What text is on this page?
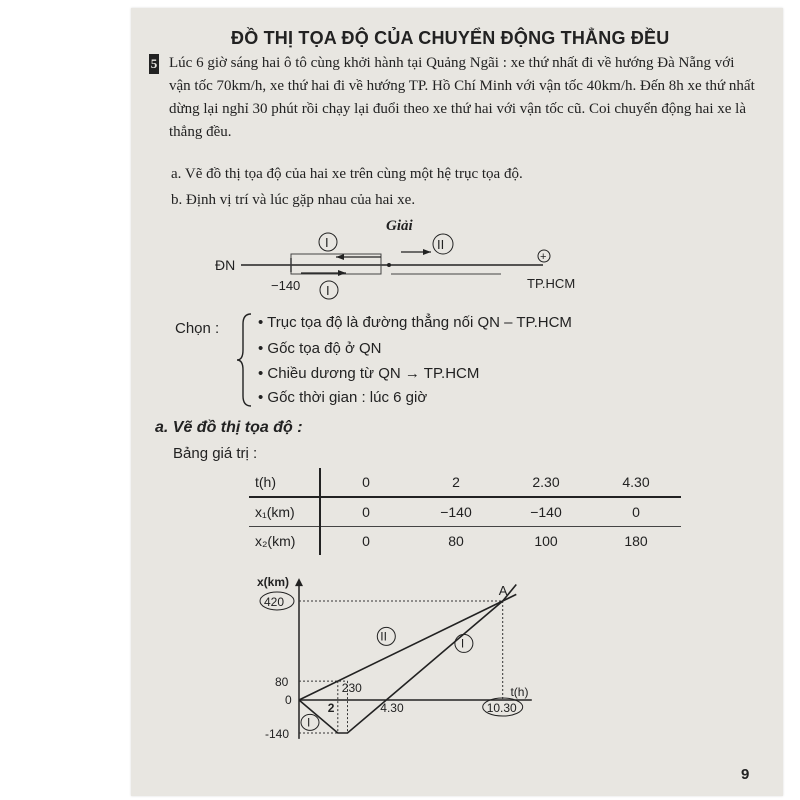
ĐỒ THỊ TỌA ĐỘ CỦA CHUYỂN ĐỘNG THẲNG ĐỀU
5 Lúc 6 giờ sáng hai ô tô cùng khởi hành tại Quảng Ngãi : xe thứ nhất đi về hướng Đà Nẵng với vận tốc 70km/h, xe thứ hai đi về hướng TP. Hồ Chí Minh với vận tốc 40km/h. Đến 8h xe thứ nhất dừng lại nghỉ 30 phút rồi chạy lại đuổi theo xe thứ hai với vận tốc cũ. Coi chuyển động hai xe là thẳng đều.
a. Vẽ đồ thị tọa độ của hai xe trên cùng một hệ trục tọa độ.
b. Định vị trí và lúc gặp nhau của hai xe.
Giải
ĐN
I	II
I
+
−140	TP.HCM
Chọn :	• Trục tọa độ là đường thẳng nối QN – TP.HCM
• Gốc tọa độ ở QN
• Chiều dương từ QN → TP.HCM
• Gốc thời gian : lúc 6 giờ
a. Vẽ đồ thị tọa độ :
Bảng giá trị :
t(h)	0	2	2.30	4.30
x₁(km)	0	−140	−140	0
x₂(km)	0	80	100	180
x(km)
t(h)
A
420
80
0
-140
2
230
4.30	10.30
II
I
I
9
